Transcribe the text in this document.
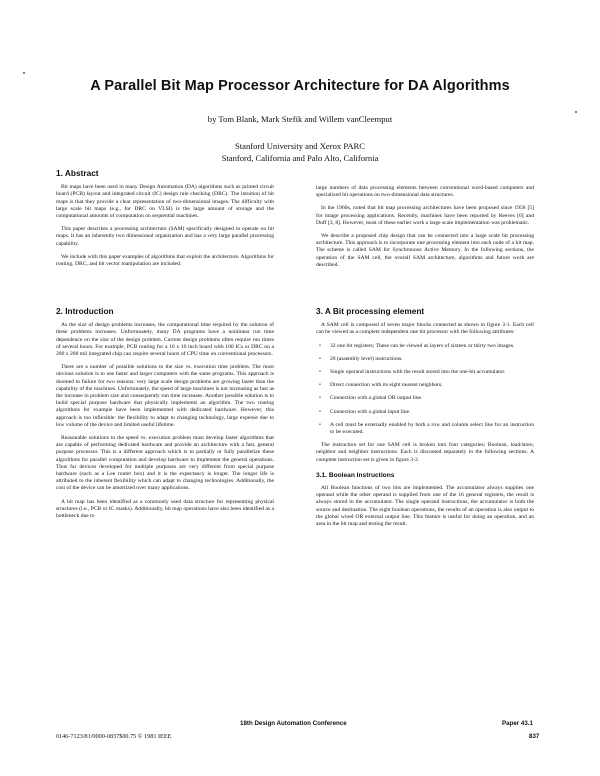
A Parallel Bit Map Processor Architecture for DA Algorithms
by Tom Blank, Mark Stefik and Willem vanCleemput
Stanford University and Xerox PARC
Stanford, California and Palo Alto, California
1. Abstract

Bit maps have been used in many Design Automation (DA) algorithms such as printed circuit board (PCB) layout and integrated circuit (IC) design rule checking (DRC). The intuition of bit maps is that they provide a clear representation of two-dimensional images. The difficulty with large scale bit maps (e.g., for DRC on VLSI) is the large amount of storage and the computational amounts of computation on sequential machines.

This paper describes a processing architecture (SAM) specifically designed to operate on bit maps. It has an inherently two dimensional organization and has a very large parallel processing capability.

We include with this paper examples of algorithms that exploit the architecture. Algorithms for routing, DRC, and bit vector manipulation are included.

2. Introduction

As the size of design problems increases, the computational time required by the solution of these problems increases. Unfortunately, many DA programs have a nonlinear run time dependence on the size of the design problem. Current design problems often require run times of several hours. For example, PCB routing for a 10 x 10 inch board with 100 ICs or DRC on a 200 x 200 mil integrated chip can require several hours of CPU time on conventional processors.

There are a number of possible solutions to the size vs. execution time problem. The most obvious solution is to use faster and larger computers with the same programs. This approach is doomed to failure for two reasons: very large scale design problems are growing faster than the capability of the machines. Unfortunately, the speed of large machines is not increasing as fast as the increase in problem size and consequently run time increases. Another possible solution is to build special purpose hardware that physically implements an algorithm. The two routing algorithms for example have been implemented with dedicated hardware. However, this approach is too inflexible: the flexibility to adapt to changing technology, large expense due to low volume of the device and limited useful lifetime.

Reasonable solutions to the speed vs. execution problem must develop faster algorithms that are capable of performing dedicated hardware and provide an architecture with a fast, general purpose processor. This is a different approach which is to partially or fully parallelize these algorithms for parallel computation and develop hardware to implement the general operations. Thus far devices developed for multiple purposes are very different from special purpose hardware (such as a Lee router box) and it is the expectancy is longer. The longer life is attributed to the inherent flexibility which can adapt to changing technologies. Additionally, the cost of the device can be amortized over many applications.

A bit map has been identified as a commonly used data structure for representing physical structures (i.e., PCB or IC masks). Additionally, bit map operations have also been identified as a bottleneck due to

large numbers of data processing elements between conventional word-based computers and specialized bit operations on two-dimensional data structures.

In the 1960s, noted that bit map processing architectures have been proposed since 1958 [5] for image processing applications. Recently, machines have been reported by Reeves [6] and Duff [3, 8]. However, most of these earlier work a large scale implementation was problematic.

We describe a proposed chip design that can be connected into a large scale bit processing architecture. This approach is to incorporate one processing element into each node of a bit map. The scheme is called SAM for Synchronous Active Memory. In the following sections, the operation of the SAM cell, the overall SAM architecture, algorithms and future work are described.

3. A Bit processing element

A SAM cell is composed of seven major blocks connected as shown in figure 3-1. Each cell can be viewed as a complete independent one bit processor with the following attributes:

• 32 one bit registers; These can be viewed as layers of sixteen or thirty two images.
• 20 (assembly level) instructions.
• Single operand instructions with the result stored into the one-bit accumulator.
• Direct connection with its eight nearest neighbors.
• Connection with a global OR output line.
• Connection with a global input line.
• A cell must be externally enabled by both a row and column select line for an instruction to be executed.

The instruction set for one SAM cell is broken into four categories; Boolean, load/store, neighbor and neighbor instructions. Each is discussed separately in the following sections. A complete instruction set is given in figure 3-2.

3.1. Boolean Instructions

All Boolean functions of two bits are implemented. The accumulator always supplies one operand while the other operand is supplied from one of the 16 general registers, the result is always stored in the accumulator. The single operand instructions, the accumulator is both the source and destination. The eight boolean operations, the results of an operation is also output to the global wired OR external output line. This feature is useful for doing an operation, and an area in the bit map and testing the result.

18th Design Automation Conference	Paper 43.1
0146-7123/81/0000-0837$00.75 © 1981 IEEE	837
